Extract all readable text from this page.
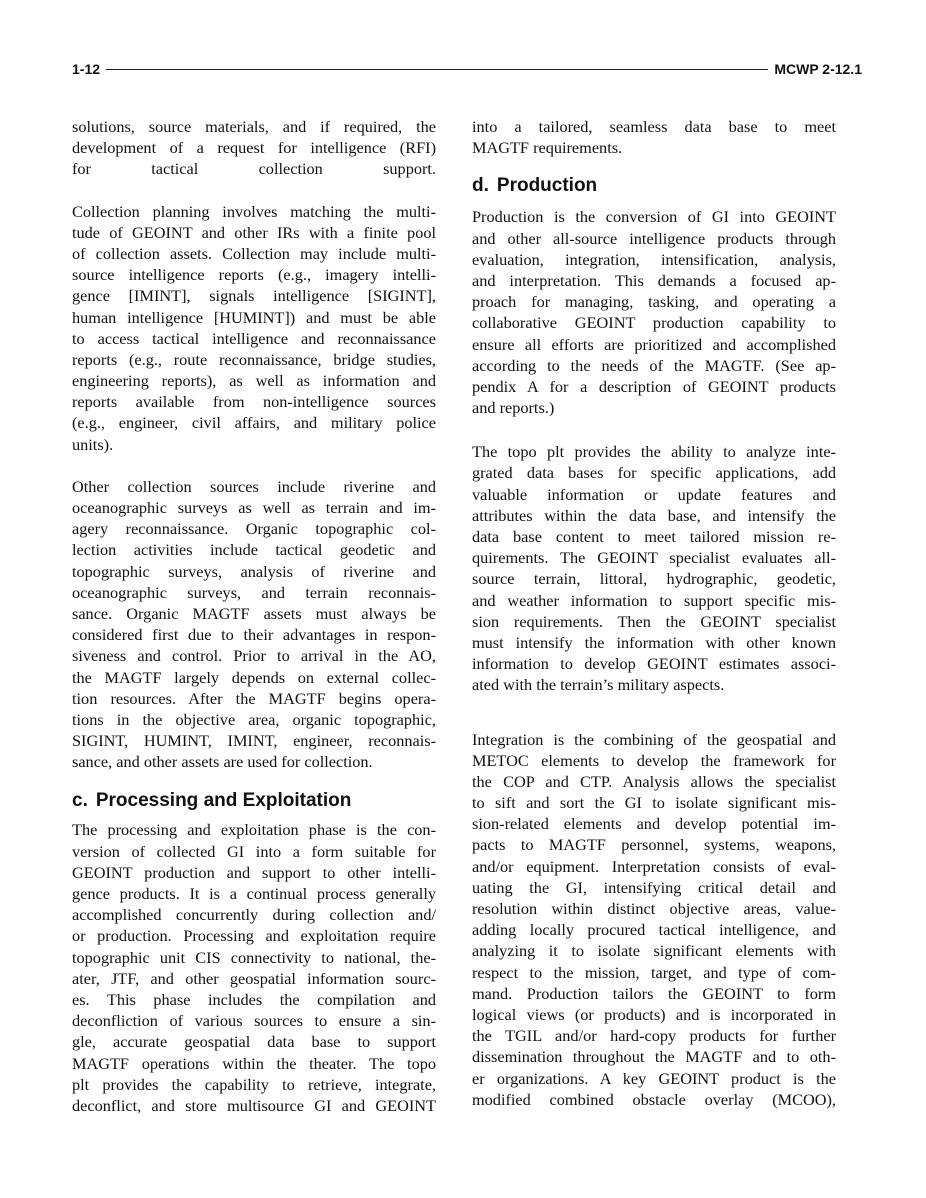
1-12	MCWP 2-12.1
solutions, source materials, and if required, the
development of a request for intelligence (RFI)
for tactical collection support.
Collection planning involves matching the multi-
tude of GEOINT and other IRs with a finite pool
of collection assets. Collection may include multi-
source intelligence reports (e.g., imagery intelli-
gence [IMINT], signals intelligence [SIGINT],
human intelligence [HUMINT]) and must be able
to access tactical intelligence and reconnaissance
reports (e.g., route reconnaissance, bridge studies,
engineering reports), as well as information and
reports available from non-intelligence sources
(e.g., engineer, civil affairs, and military police
units).
Other collection sources include riverine and
oceanographic surveys as well as terrain and im-
agery reconnaissance. Organic topographic col-
lection activities include tactical geodetic and
topographic surveys, analysis of riverine and
oceanographic surveys, and terrain reconnais-
sance. Organic MAGTF assets must always be
considered first due to their advantages in respon-
siveness and control. Prior to arrival in the AO,
the MAGTF largely depends on external collec-
tion resources. After the MAGTF begins opera-
tions in the objective area, organic topographic,
SIGINT, HUMINT, IMINT, engineer, reconnais-
sance, and other assets are used for collection.
c. Processing and Exploitation
The processing and exploitation phase is the con-
version of collected GI into a form suitable for
GEOINT production and support to other intelli-
gence products. It is a continual process generally
accomplished concurrently during collection and/
or production. Processing and exploitation require
topographic unit CIS connectivity to national, the-
ater, JTF, and other geospatial information sourc-
es. This phase includes the compilation and
deconfliction of various sources to ensure a sin-
gle, accurate geospatial data base to support
MAGTF operations within the theater. The topo
plt provides the capability to retrieve, integrate,
deconflict, and store multisource GI and GEOINT
into a tailored, seamless data base to meet
MAGTF requirements.
d. Production
Production is the conversion of GI into GEOINT
and other all-source intelligence products through
evaluation, integration, intensification, analysis,
and interpretation. This demands a focused ap-
proach for managing, tasking, and operating a
collaborative GEOINT production capability to
ensure all efforts are prioritized and accomplished
according to the needs of the MAGTF. (See ap-
pendix A for a description of GEOINT products
and reports.)
The topo plt provides the ability to analyze inte-
grated data bases for specific applications, add
valuable information or update features and
attributes within the data base, and intensify the
data base content to meet tailored mission re-
quirements. The GEOINT specialist evaluates all-
source terrain, littoral, hydrographic, geodetic,
and weather information to support specific mis-
sion requirements. Then the GEOINT specialist
must intensify the information with other known
information to develop GEOINT estimates associ-
ated with the terrain’s military aspects.
Integration is the combining of the geospatial and
METOC elements to develop the framework for
the COP and CTP. Analysis allows the specialist
to sift and sort the GI to isolate significant mis-
sion-related elements and develop potential im-
pacts to MAGTF personnel, systems, weapons,
and/or equipment. Interpretation consists of eval-
uating the GI, intensifying critical detail and
resolution within distinct objective areas, value-
adding locally procured tactical intelligence, and
analyzing it to isolate significant elements with
respect to the mission, target, and type of com-
mand. Production tailors the GEOINT to form
logical views (or products) and is incorporated in
the TGIL and/or hard-copy products for further
dissemination throughout the MAGTF and to oth-
er organizations. A key GEOINT product is the
modified combined obstacle overlay (MCOO),
